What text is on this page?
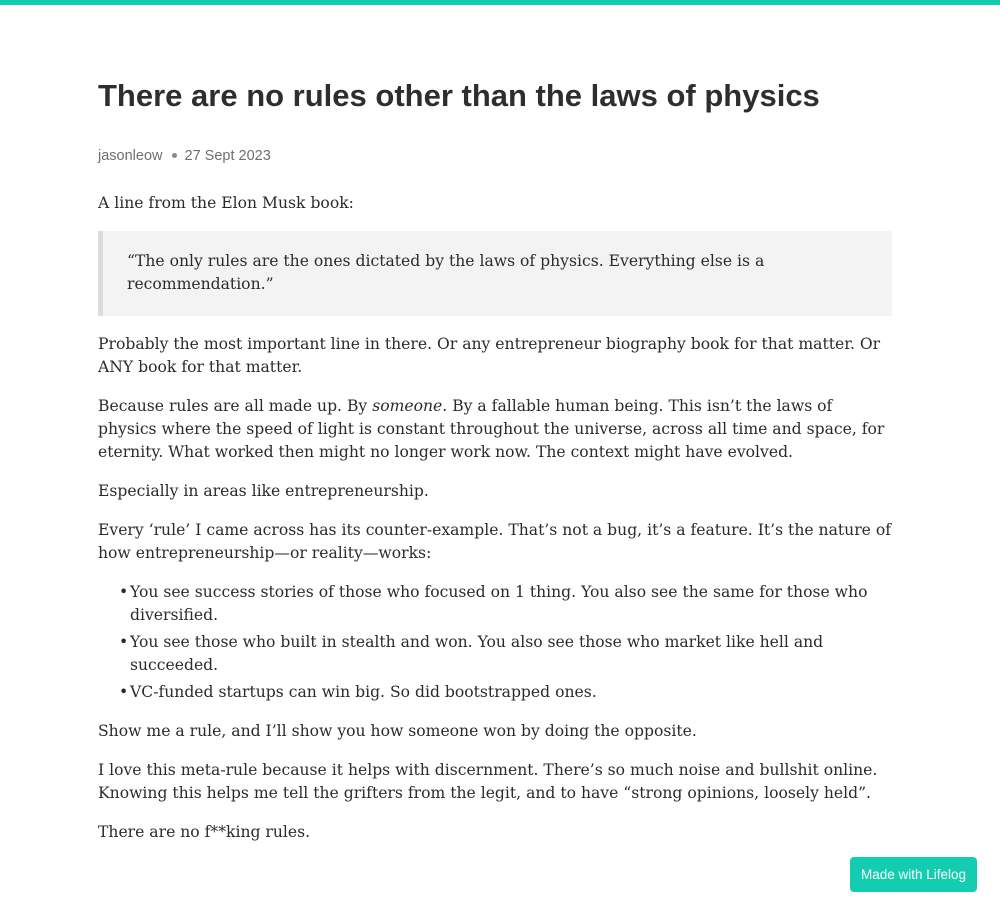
There are no rules other than the laws of physics
jasonleow 27 Sept 2023

A line from the Elon Musk book:

“The only rules are the ones dictated by the laws of physics. Everything else is a recommendation.”

Probably the most important line in there. Or any entrepreneur biography book for that matter. Or ANY book for that matter.

Because rules are all made up. By someone. By a fallable human being. This isn’t the laws of physics where the speed of light is constant throughout the universe, across all time and space, for eternity. What worked then might no longer work now. The context might have evolved.

Especially in areas like entrepreneurship.

Every ‘rule’ I came across has its counter-example. That’s not a bug, it’s a feature. It’s the nature of how entrepreneurship—or reality—works:

• You see success stories of those who focused on 1 thing. You also see the same for those who diversified.
• You see those who built in stealth and won. You also see those who market like hell and succeeded.
• VC-funded startups can win big. So did bootstrapped ones.

Show me a rule, and I’ll show you how someone won by doing the opposite.

I love this meta-rule because it helps with discernment. There’s so much noise and bullshit online. Knowing this helps me tell the grifters from the legit, and to have “strong opinions, loosely held”.

There are no f**king rules.

Made with Lifelog
